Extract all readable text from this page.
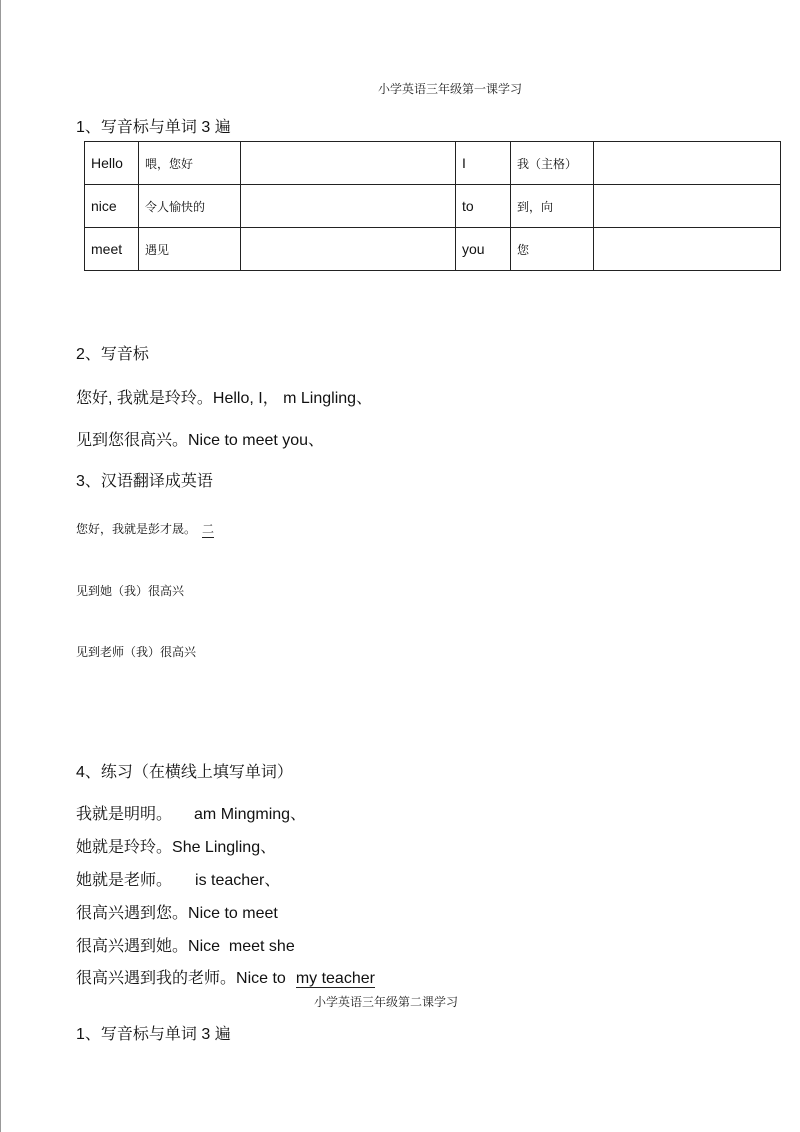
小学英语三年级第一课学习
1、写音标与单词 3 遍
Hello	喂，您好		I	我（主格）	
nice	令人愉快的		to	到，向	
meet	遇见		you	您	
2、写音标
您好, 我就是玲玲。Hello, I， m Lingling、
见到您很高兴。Nice to meet you、
3、汉语翻译成英语
您好，我就是彭才晟。 二
见到她（我）很高兴
见到老师（我）很高兴
4、练习（在横线上填写单词）
我就是明明。 am Mingming、
她就是玲玲。She Lingling、
她就是老师。 is teacher、
很高兴遇到您。Nice to meet
很高兴遇到她。Nice  meet she
很高兴遇到我的老师。Nice to my teacher
小学英语三年级第二课学习
1、写音标与单词 3 遍
